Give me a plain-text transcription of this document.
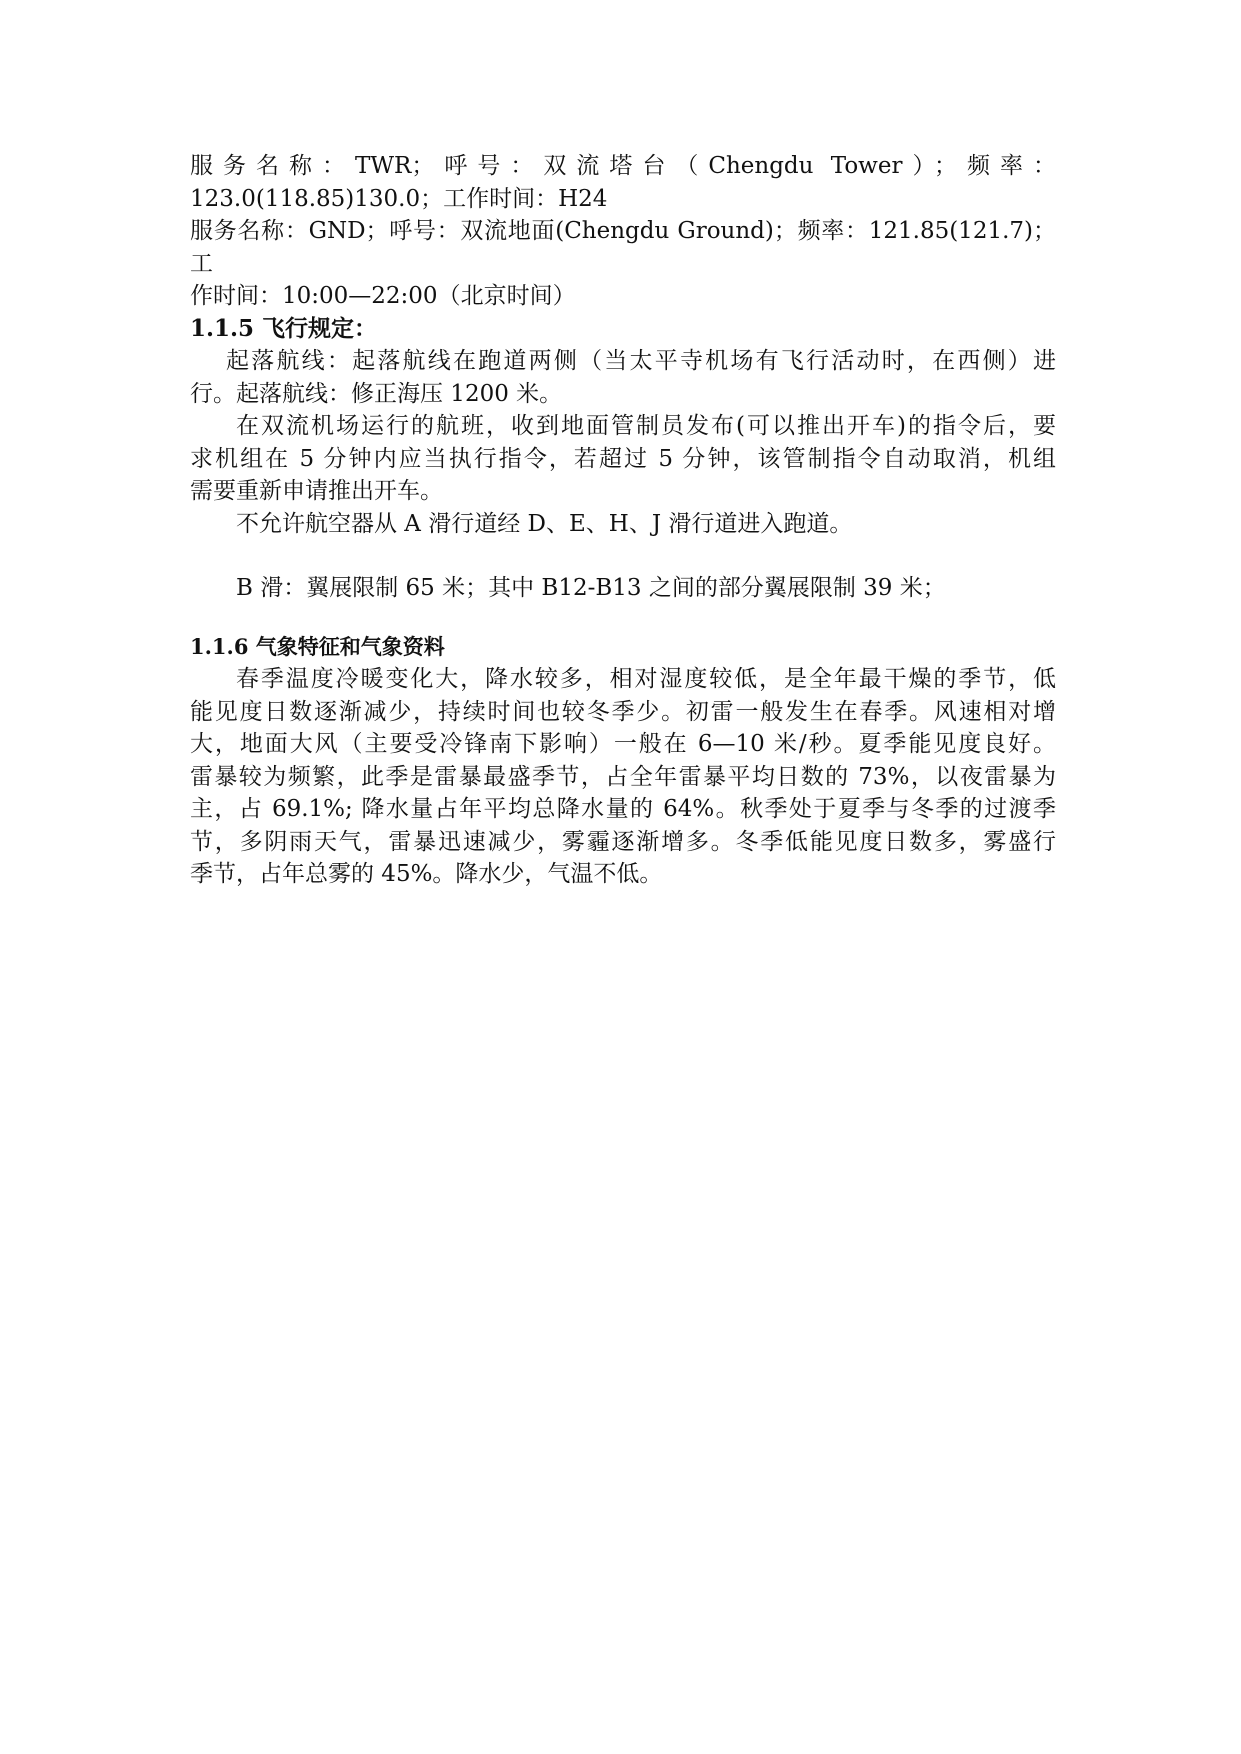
服务名称：TWR；呼号：双流塔台（Chengdu Tower）；频率：

123.0(118.85)130.0；工作时间：H24

服务名称：GND；呼号：双流地面(Chengdu Ground)；频率：121.85(121.7)；工

作时间：10:00—22:00（北京时间）

1.1.5 飞行规定：

起落航线：起落航线在跑道两侧（当太平寺机场有飞行活动时，在西侧）进

行。起落航线：修正海压 1200 米。

在双流机场运行的航班，收到地面管制员发布(可以推出开车)的指令后，要

求机组在 5 分钟内应当执行指令，若超过 5 分钟，该管制指令自动取消，机组

需要重新申请推出开车。

不允许航空器从 A 滑行道经 D、E、H、J 滑行道进入跑道。

B 滑：翼展限制 65 米；其中 B12-B13 之间的部分翼展限制 39 米；

1.1.6 气象特征和气象资料

春季温度冷暖变化大，降水较多，相对湿度较低，是全年最干燥的季节，低

能见度日数逐渐减少，持续时间也较冬季少。初雷一般发生在春季。风速相对增

大，地面大风（主要受冷锋南下影响）一般在 6—10 米/秒。夏季能见度良好。

雷暴较为频繁，此季是雷暴最盛季节，占全年雷暴平均日数的 73%，以夜雷暴为

主，占 69.1%; 降水量占年平均总降水量的 64%。秋季处于夏季与冬季的过渡季

节，多阴雨天气，雷暴迅速减少，雾霾逐渐增多。冬季低能见度日数多，雾盛行

季节，占年总雾的 45%。降水少，气温不低。
